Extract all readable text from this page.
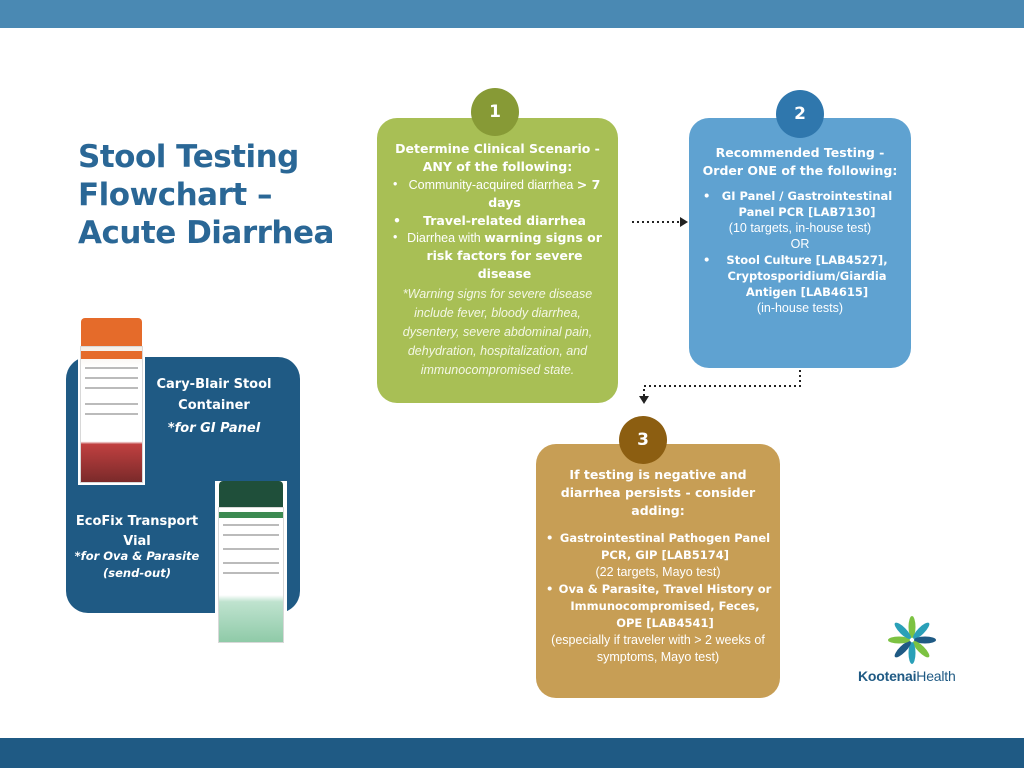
Stool Testing Flowchart – Acute Diarrhea
Cary-Blair Stool Container
*for GI Panel
EcoFix Transport Vial
*for Ova & Parasite (send-out)
Determine Clinical Scenario - ANY of the following:
• Community-acquired diarrhea > 7 days
• Travel-related diarrhea
• Diarrhea with warning signs or risk factors for severe disease
*Warning signs for severe disease include fever, bloody diarrhea, dysentery, severe abdominal pain, dehydration, hospitalization, and immunocompromised state.
1
Recommended Testing - Order ONE of the following:
• GI Panel / Gastrointestinal Panel PCR [LAB7130]
(10 targets, in-house test)
OR
• Stool Culture [LAB4527], Cryptosporidium/Giardia Antigen [LAB4615]
(in-house tests)
2
If testing is negative and diarrhea persists - consider adding:
• Gastrointestinal Pathogen Panel PCR, GIP [LAB5174]
(22 targets, Mayo test)
• Ova & Parasite, Travel History or Immunocompromised, Feces, OPE [LAB4541]
(especially if traveler with > 2 weeks of symptoms, Mayo test)
3
KootenaiHealth
